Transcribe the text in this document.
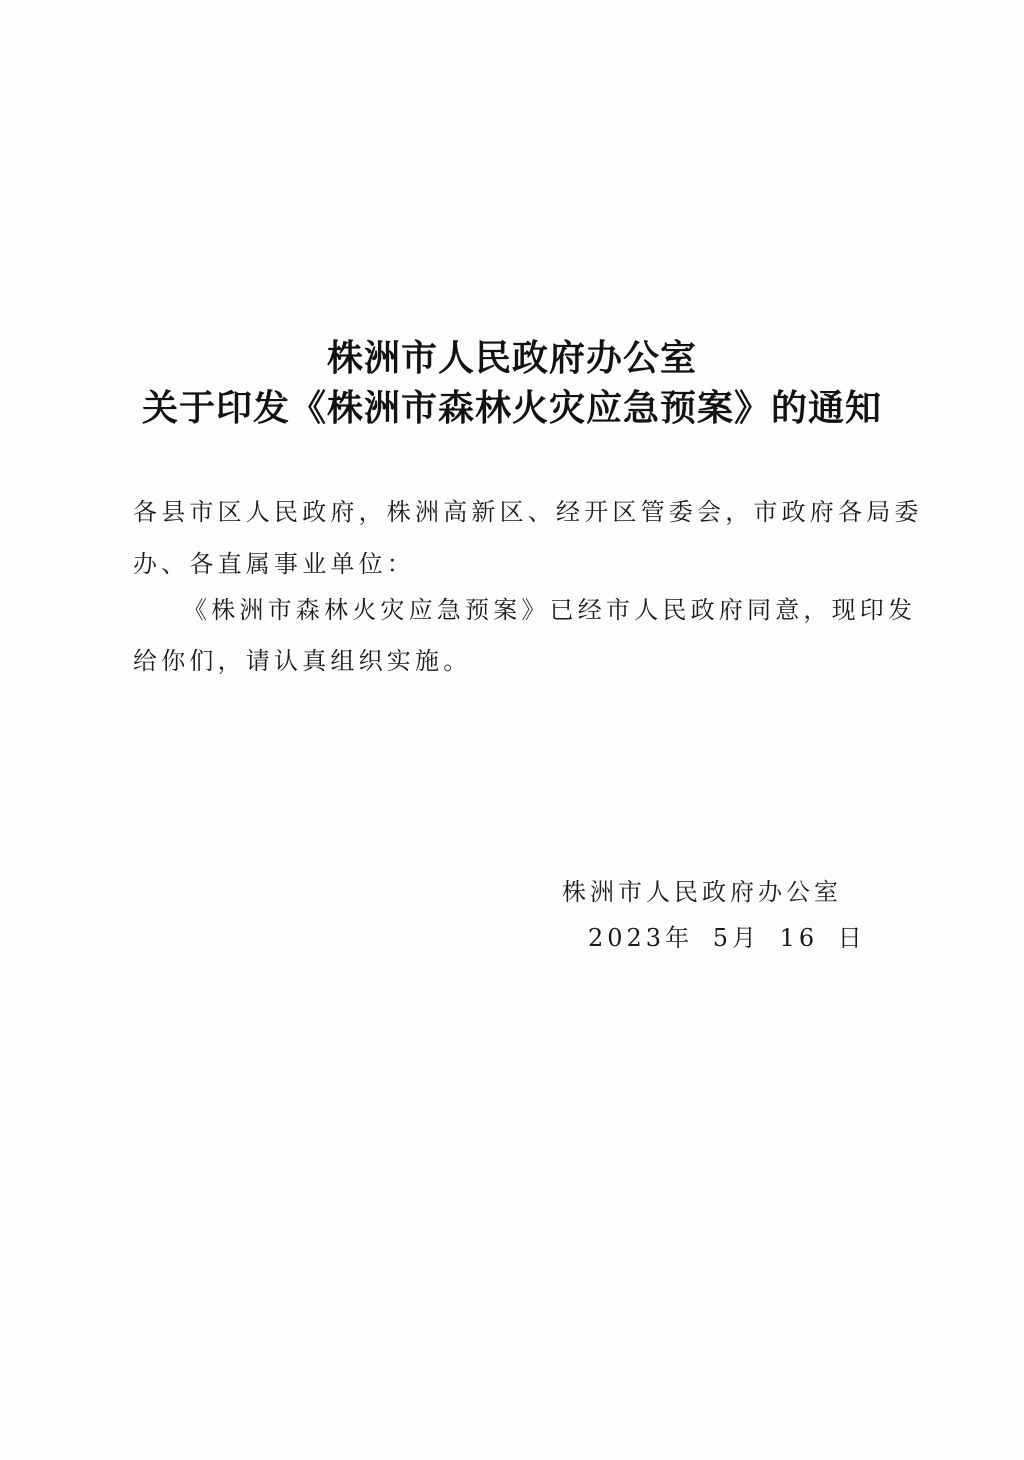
株洲市人民政府办公室
关于印发《株洲市森林火灾应急预案》的通知
各县市区人民政府，株洲高新区、经开区管委会，市政府各局委
办、各直属事业单位：
《株洲市森林火灾应急预案》已经市人民政府同意，现印发
给你们，请认真组织实施。
株洲市人民政府办公室
2023年 5月 16 日
